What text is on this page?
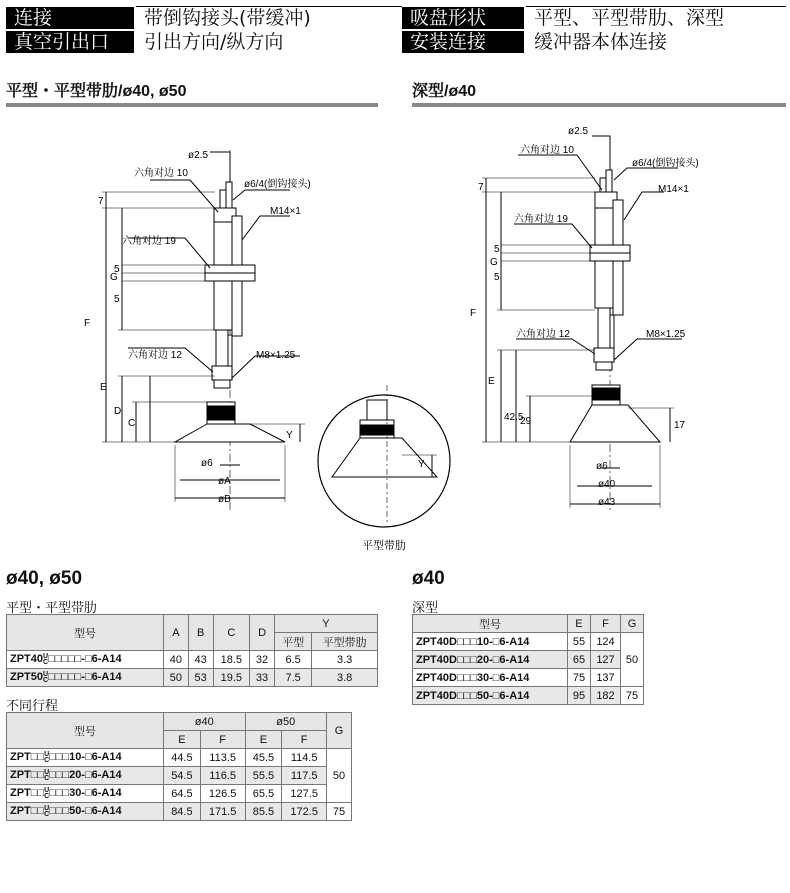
连接	带倒钩接头(带缓冲)	吸盘形状	平型、平型带肋、深型
真空引出口	引出方向/纵方向	安装连接	缓冲器本体连接
平型・平型带肋/ø40, ø50	深型/ø40
ø2.5
六角对边 10
ø6/4(倒钩接头)
M14×1
六角对边 19
六角对边 12	M8×1.25
ø6
øA
øB
7
5
5
G
F
E
D
C
Y
Y
平型带肋
ø2.5
六角对边 10
ø6/4(倒钩接头)
M14×1
六角对边 19
六角对边 12	M8×1.25
ø6
ø40
ø43
7
5
5
G
F
E
42.5
29	17
ø40, ø50
平型・平型带肋
型号	A	B	C	D	Y	
					平型	平型带肋
ZPT40U
C□□□□□-□6-A14	40	43	18.5	32	6.5	3.3
ZPT50U
C□□□□□-□6-A14	50	53	19.5	33	7.5	3.8
不同行程
型号	ø40		ø50		G
	E	F	E	F	
ZPT□□U
C□□□10-□6-A14	44.5	113.5	45.5	114.5	50
ZPT□□U
C□□□20-□6-A14	54.5	116.5	55.5	117.5	
ZPT□□U
C□□□30-□6-A14	64.5	126.5	65.5	127.5	
ZPT□□U
C□□□50-□6-A14	84.5	171.5	85.5	172.5	75
ø40
深型
型号	E	F	G
ZPT40D□□□10-□6-A14	55	124	50
ZPT40D□□□20-□6-A14	65	127	
ZPT40D□□□30-□6-A14	75	137	
ZPT40D□□□50-□6-A14	95	182	75
